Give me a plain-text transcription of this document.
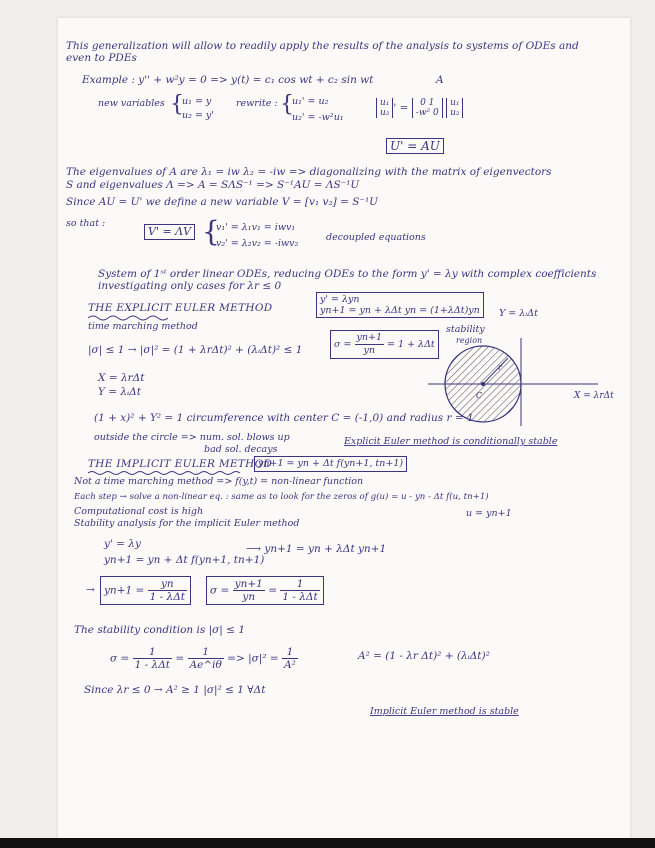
This generalization will allow to readily apply the results of the analysis to systems of ODEs and
even to PDEs
Example : y'' + w²y = 0 => y(t) = c₁ cos wt + c₂ sin wt	A
new variables {
u₁ = y
u₂ = y'
rewrite : {
u₁' = u₂
u₂' = -w²u₁
u₁
u₂ ' = 0 1
-w² 0 u₁
u₂
U' = AU
The eigenvalues of A are λ₁ = iw λ₂ = -iw => diagonalizing with the matrix of eigenvectors
S and eigenvalues Λ => A = SΛS⁻¹ => S⁻¹AU = ΛS⁻¹U
Since AU = U' we define a new variable V = [v₁ v₂] = S⁻¹U
so that :
V' = ΛV {
v₁' = λ₁v₁ = iwv₁
v₂' = λ₂v₂ = -iwv₂
decoupled equations
System of 1ˢᵗ order linear ODEs, reducing ODEs to the form y' = λy with complex coefficients
investigating only cases for λr ≤ 0
THE EXPLICIT EULER METHOD
time marching method
y' = λyn
yn+1 = yn + λΔt yn = (1+λΔt)yn	Y = λᵢΔt
$\sigma = \frac{yn+1}{yn} = 1 + \lambda\Delta t$
stability
region
C
r
X = λrΔt
|σ| ≤ 1 → |σ|² = (1 + λrΔt)² + (λᵢΔt)² ≤ 1
X = λrΔt
Y = λᵢΔt
(1 + x)² + Y² = 1 circumference with center C = (-1,0) and radius r = 1
outside the circle => num. sol. blows up
bad sol. decays
Explicit Euler method is conditionally stable
THE IMPLICIT EULER METHOD
yn+1 = yn + Δt f(yn+1, tn+1)
Not a time marching method => f(y,t) = non-linear function
Each step → solve a non-linear eq. : same as to look for the zeros of g(u) = u - yn - Δt f(u, tn+1)
Computational cost is high	u = yn+1
Stability analysis for the implicit Euler method
y' = λy
yn+1 = yn + Δt f(yn+1, tn+1)
⟶ yn+1 = yn + λΔt yn+1
→ $yn+1 = \frac{yn}{\text{1 - λΔt}}$	$\sigma = \frac{yn+1}{yn} = \frac{1}{\text{1 - λΔt}}$
The stability condition is |σ| ≤ 1
$\sigma = \frac{1}{\text{1 - λΔt}} = \frac{1}{Ae\^{}i\theta} => |\sigma|^2 = \frac{1}{\text{A²}}$	A² = (1 - λr Δt)² + (λᵢΔt)²
Since λr ≤ 0 → A² ≥ 1 |σ|² ≤ 1 ∀Δt
Implicit Euler method is stable
